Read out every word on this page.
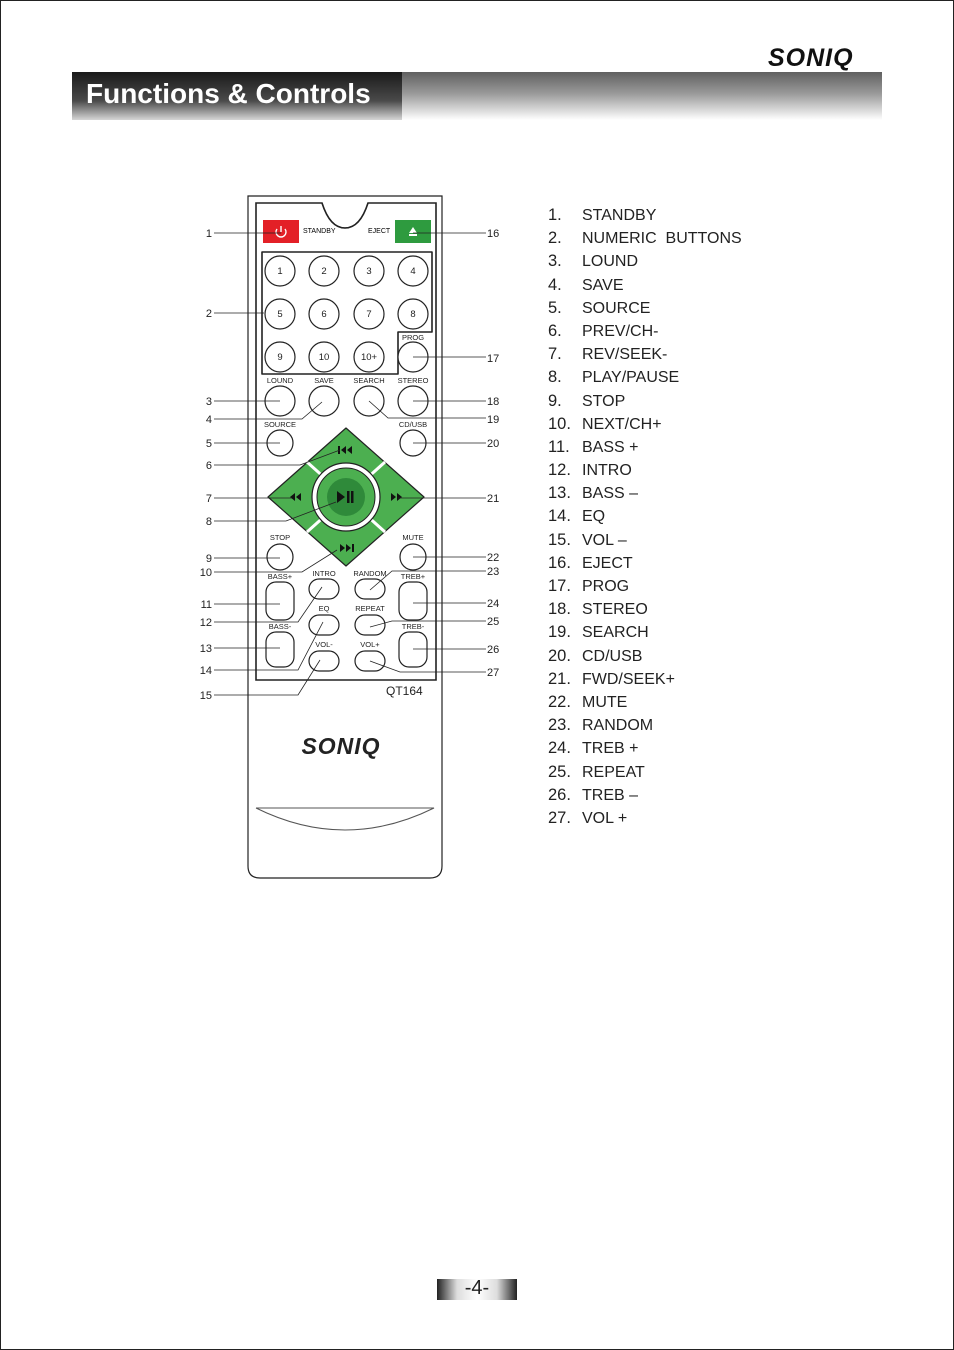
SONIQ
Functions & Controls
STANDBY	EJECT
1	2	3	4
5	6	7	8
9	10	10+
PROG
LOUND	SAVE	SEARCH STEREO
SOURCE	CD/USB
STOP	MUTE
BASS+	INTRO RANDOM TREB+
EQ	REPEAT
BASS-	TREB-
VOL-	VOL+
QT164
SONIQ
1
2
3
4
5
6
7
8
9
10
11
12
13
14
15
16
17
18
19
20
21
22
23
24
25
26
27
1. STANDBY
2. NUMERIC  BUTTONS
3. LOUND
4. SAVE
5. SOURCE
6. PREV/CH-
7. REV/SEEK-
8. PLAY/PAUSE
9. STOP
10. NEXT/CH+
11. BASS +
12. INTRO
13. BASS –
14. EQ
15. VOL –
16. EJECT
17. PROG
18. STEREO
19. SEARCH
20. CD/USB
21. FWD/SEEK+
22. MUTE
23. RANDOM
24. TREB +
25. REPEAT
26. TREB –
27. VOL +
-4-
